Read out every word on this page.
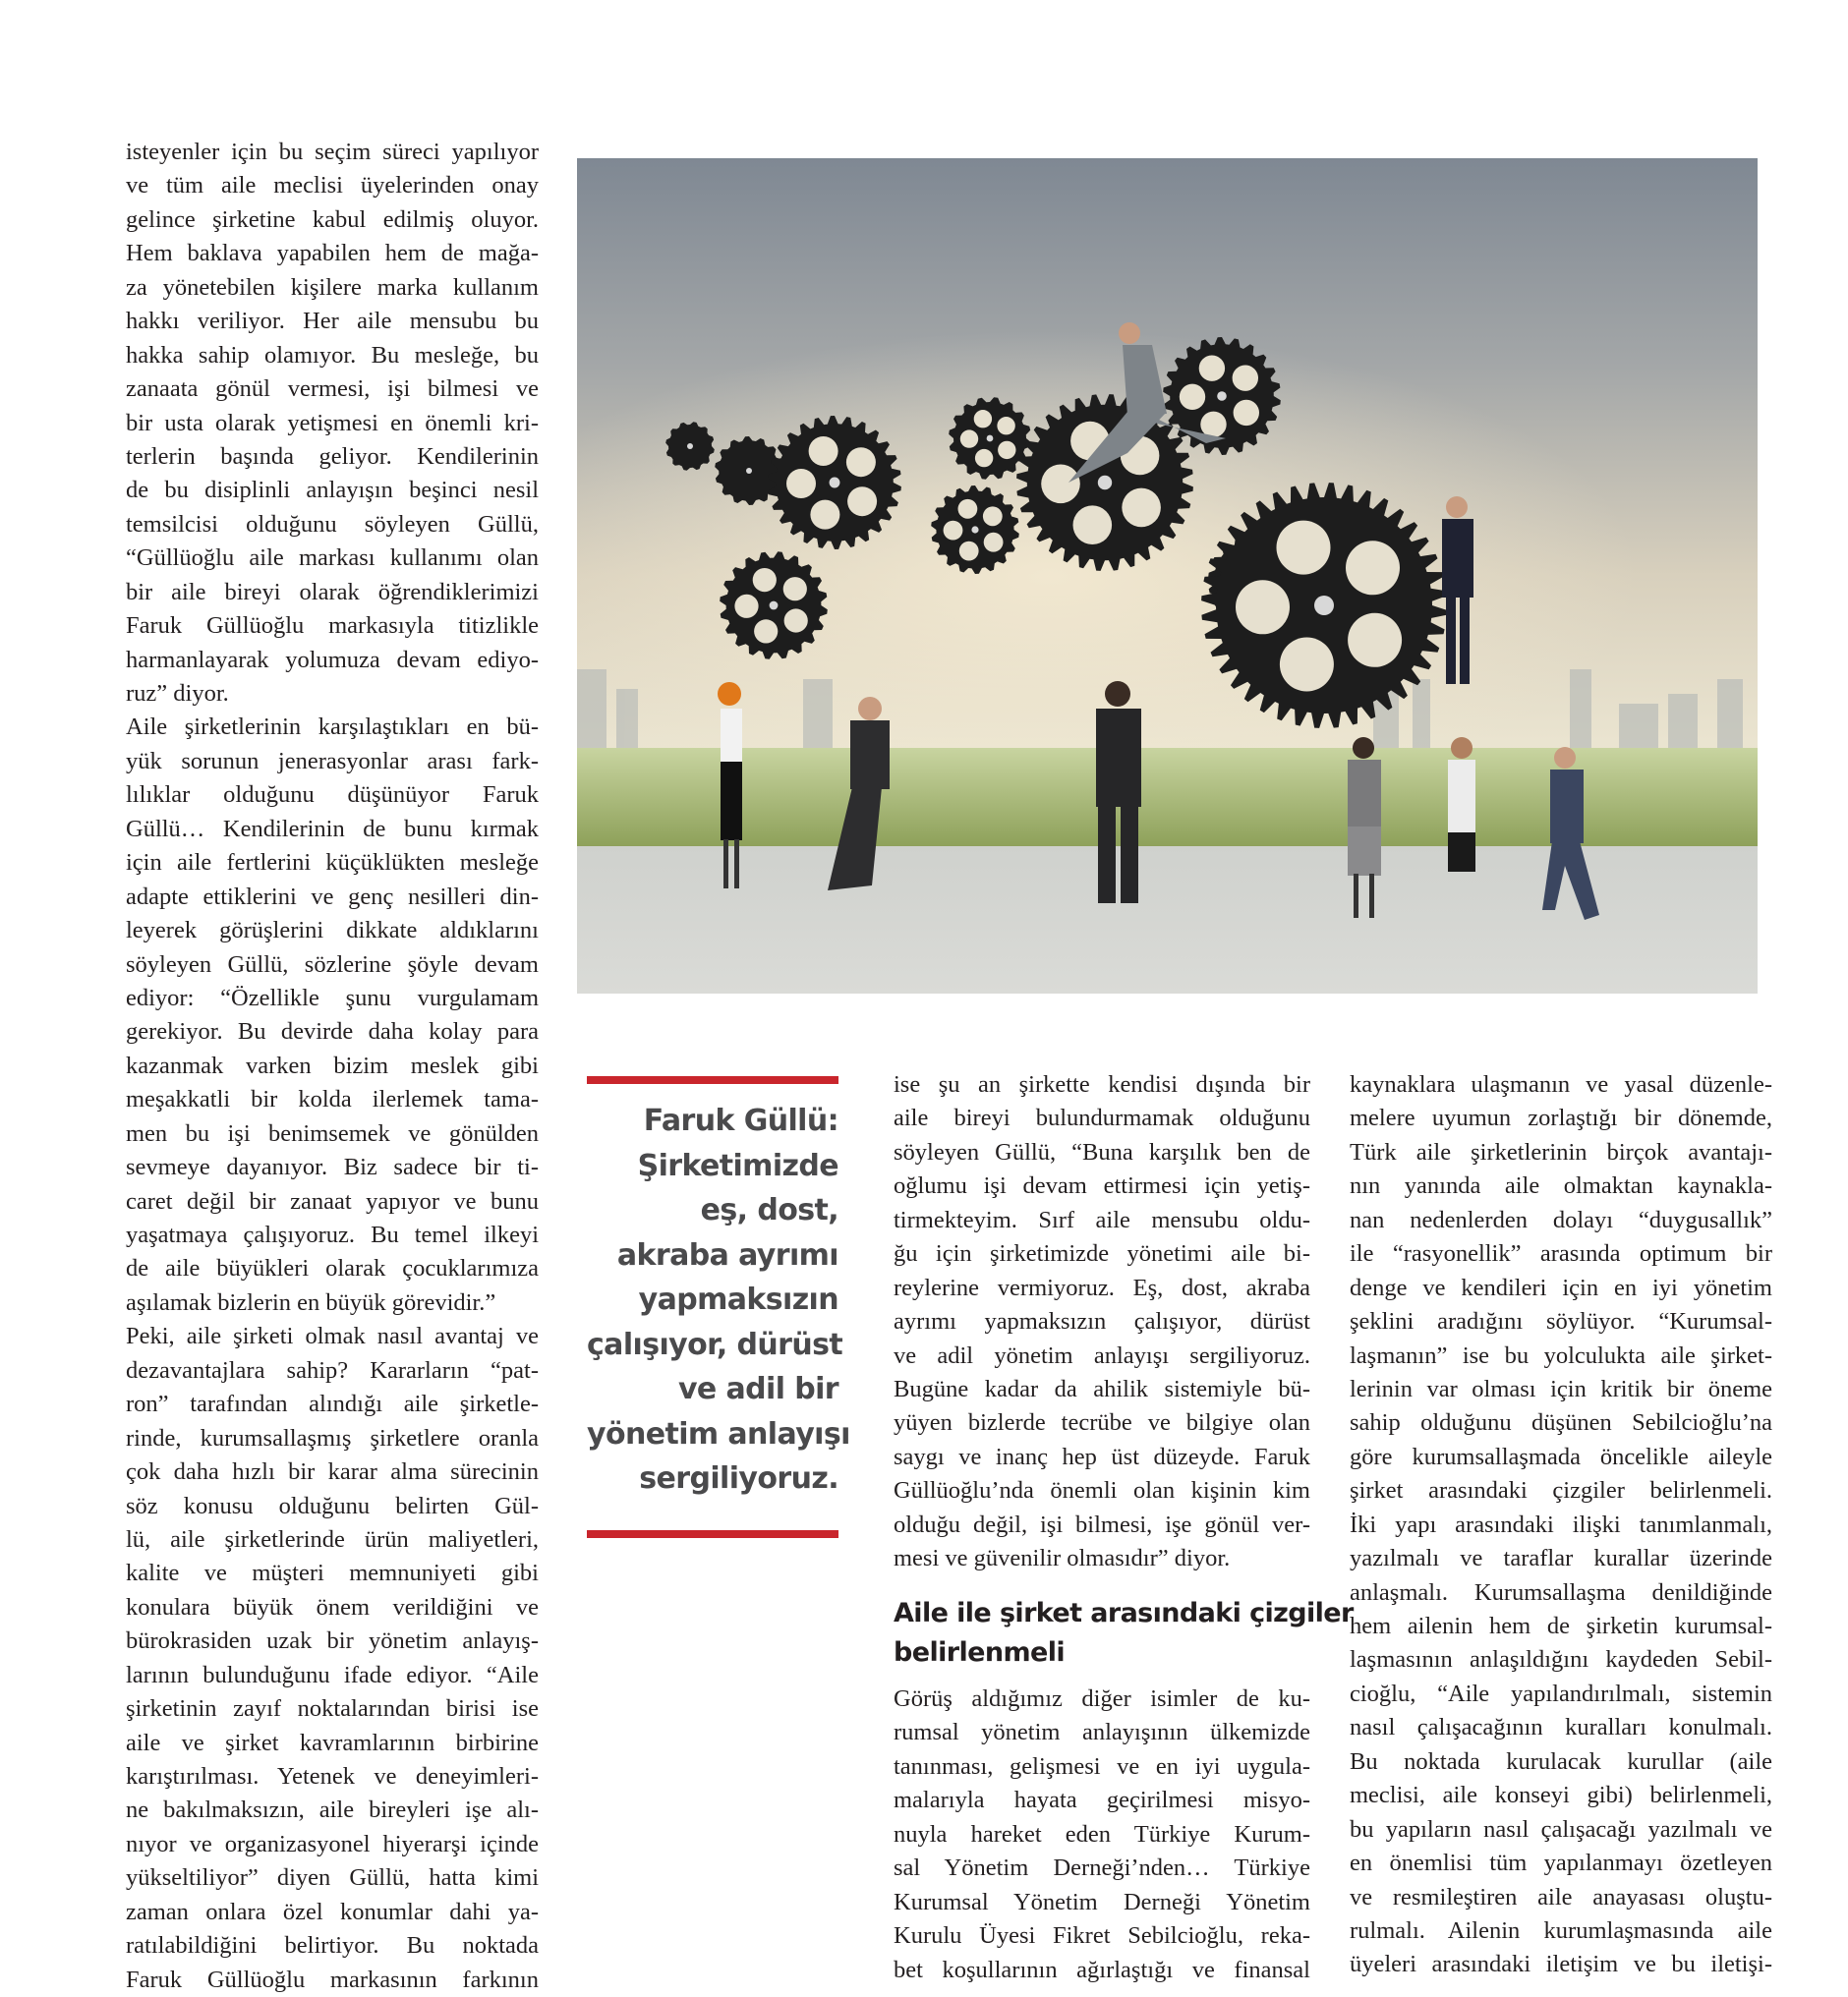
isteyenler için bu seçim süreci yapılıyor
ve tüm aile meclisi üyelerinden onay
gelince şirketine kabul edilmiş oluyor.
Hem baklava yapabilen hem de mağa-
za yönetebilen kişilere marka kullanım
hakkı veriliyor. Her aile mensubu bu
hakka sahip olamıyor. Bu mesleğe, bu
zanaata gönül vermesi, işi bilmesi ve
bir usta olarak yetişmesi en önemli kri-
terlerin başında geliyor. Kendilerinin
de bu disiplinli anlayışın beşinci nesil
temsilcisi olduğunu söyleyen Güllü,
“Güllüoğlu aile markası kullanımı olan
bir aile bireyi olarak öğrendiklerimizi
Faruk Güllüoğlu markasıyla titizlikle
harmanlayarak yolumuza devam ediyo-
ruz” diyor.
Aile şirketlerinin karşılaştıkları en bü-
yük sorunun jenerasyonlar arası fark-
lılıklar olduğunu düşünüyor Faruk
Güllü… Kendilerinin de bunu kırmak
için aile fertlerini küçüklükten mesleğe
adapte ettiklerini ve genç nesilleri din-
leyerek görüşlerini dikkate aldıklarını
söyleyen Güllü, sözlerine şöyle devam
ediyor: “Özellikle şunu vurgulamam
gerekiyor. Bu devirde daha kolay para
kazanmak varken bizim meslek gibi
meşakkatli bir kolda ilerlemek tama-
men bu işi benimsemek ve gönülden
sevmeye dayanıyor. Biz sadece bir ti-
caret değil bir zanaat yapıyor ve bunu
yaşatmaya çalışıyoruz. Bu temel ilkeyi
de aile büyükleri olarak çocuklarımıza
aşılamak bizlerin en büyük görevidir.”
Peki, aile şirketi olmak nasıl avantaj ve
dezavantajlara sahip? Kararların “pat-
ron” tarafından alındığı aile şirketle-
rinde, kurumsallaşmış şirketlere oranla
çok daha hızlı bir karar alma sürecinin
söz konusu olduğunu belirten Gül-
lü, aile şirketlerinde ürün maliyetleri,
kalite ve müşteri memnuniyeti gibi
konulara büyük önem verildiğini ve
bürokrasiden uzak bir yönetim anlayış-
larının bulunduğunu ifade ediyor. “Aile
şirketinin zayıf noktalarından birisi ise
aile ve şirket kavramlarının birbirine
karıştırılması. Yetenek ve deneyimleri-
ne bakılmaksızın, aile bireyleri işe alı-
nıyor ve organizasyonel hiyerarşi içinde
yükseltiliyor” diyen Güllü, hatta kimi
zaman onlara özel konumlar dahi ya-
ratılabildiğini belirtiyor. Bu noktada
Faruk Güllüoğlu markasının farkının
Faruk Güllü:
Şirketimizde
eş, dost,
akraba ayrımı
yapmaksızın
çalışıyor, dürüst
ve adil bir
yönetim anlayışı
sergiliyoruz.
ise şu an şirkette kendisi dışında bir
aile bireyi bulundurmamak olduğunu
söyleyen Güllü, “Buna karşılık ben de
oğlumu işi devam ettirmesi için yetiş-
tirmekteyim. Sırf aile mensubu oldu-
ğu için şirketimizde yönetimi aile bi-
reylerine vermiyoruz. Eş, dost, akraba
ayrımı yapmaksızın çalışıyor, dürüst
ve adil yönetim anlayışı sergiliyoruz.
Bugüne kadar da ahilik sistemiyle bü-
yüyen bizlerde tecrübe ve bilgiye olan
saygı ve inanç hep üst düzeyde. Faruk
Güllüoğlu’nda önemli olan kişinin kim
olduğu değil, işi bilmesi, işe gönül ver-
mesi ve güvenilir olmasıdır” diyor.
Aile ile şirket arasındaki çizgiler
belirlenmeli
Görüş aldığımız diğer isimler de ku-
rumsal yönetim anlayışının ülkemizde
tanınması, gelişmesi ve en iyi uygula-
malarıyla hayata geçirilmesi misyo-
nuyla hareket eden Türkiye Kurum-
sal Yönetim Derneği’nden… Türkiye
Kurumsal Yönetim Derneği Yönetim
Kurulu Üyesi Fikret Sebilcioğlu, reka-
bet koşullarının ağırlaştığı ve finansal
kaynaklara ulaşmanın ve yasal düzenle-
melere uyumun zorlaştığı bir dönemde,
Türk aile şirketlerinin birçok avantajı-
nın yanında aile olmaktan kaynakla-
nan nedenlerden dolayı “duygusallık”
ile “rasyonellik” arasında optimum bir
denge ve kendileri için en iyi yönetim
şeklini aradığını söylüyor. “Kurumsal-
laşmanın” ise bu yolculukta aile şirket-
lerinin var olması için kritik bir öneme
sahip olduğunu düşünen Sebilcioğlu’na
göre kurumsallaşmada öncelikle aileyle
şirket arasındaki çizgiler belirlenmeli.
İki yapı arasındaki ilişki tanımlanmalı,
yazılmalı ve taraflar kurallar üzerinde
anlaşmalı. Kurumsallaşma denildiğinde
hem ailenin hem de şirketin kurumsal-
laşmasının anlaşıldığını kaydeden Sebil-
cioğlu, “Aile yapılandırılmalı, sistemin
nasıl çalışacağının kuralları konulmalı.
Bu noktada kurulacak kurullar (aile
meclisi, aile konseyi gibi) belirlenmeli,
bu yapıların nasıl çalışacağı yazılmalı ve
en önemlisi tüm yapılanmayı özetleyen
ve resmileştiren aile anayasası oluştu-
rulmalı. Ailenin kurumlaşmasında aile
üyeleri arasındaki iletişim ve bu iletişi-
